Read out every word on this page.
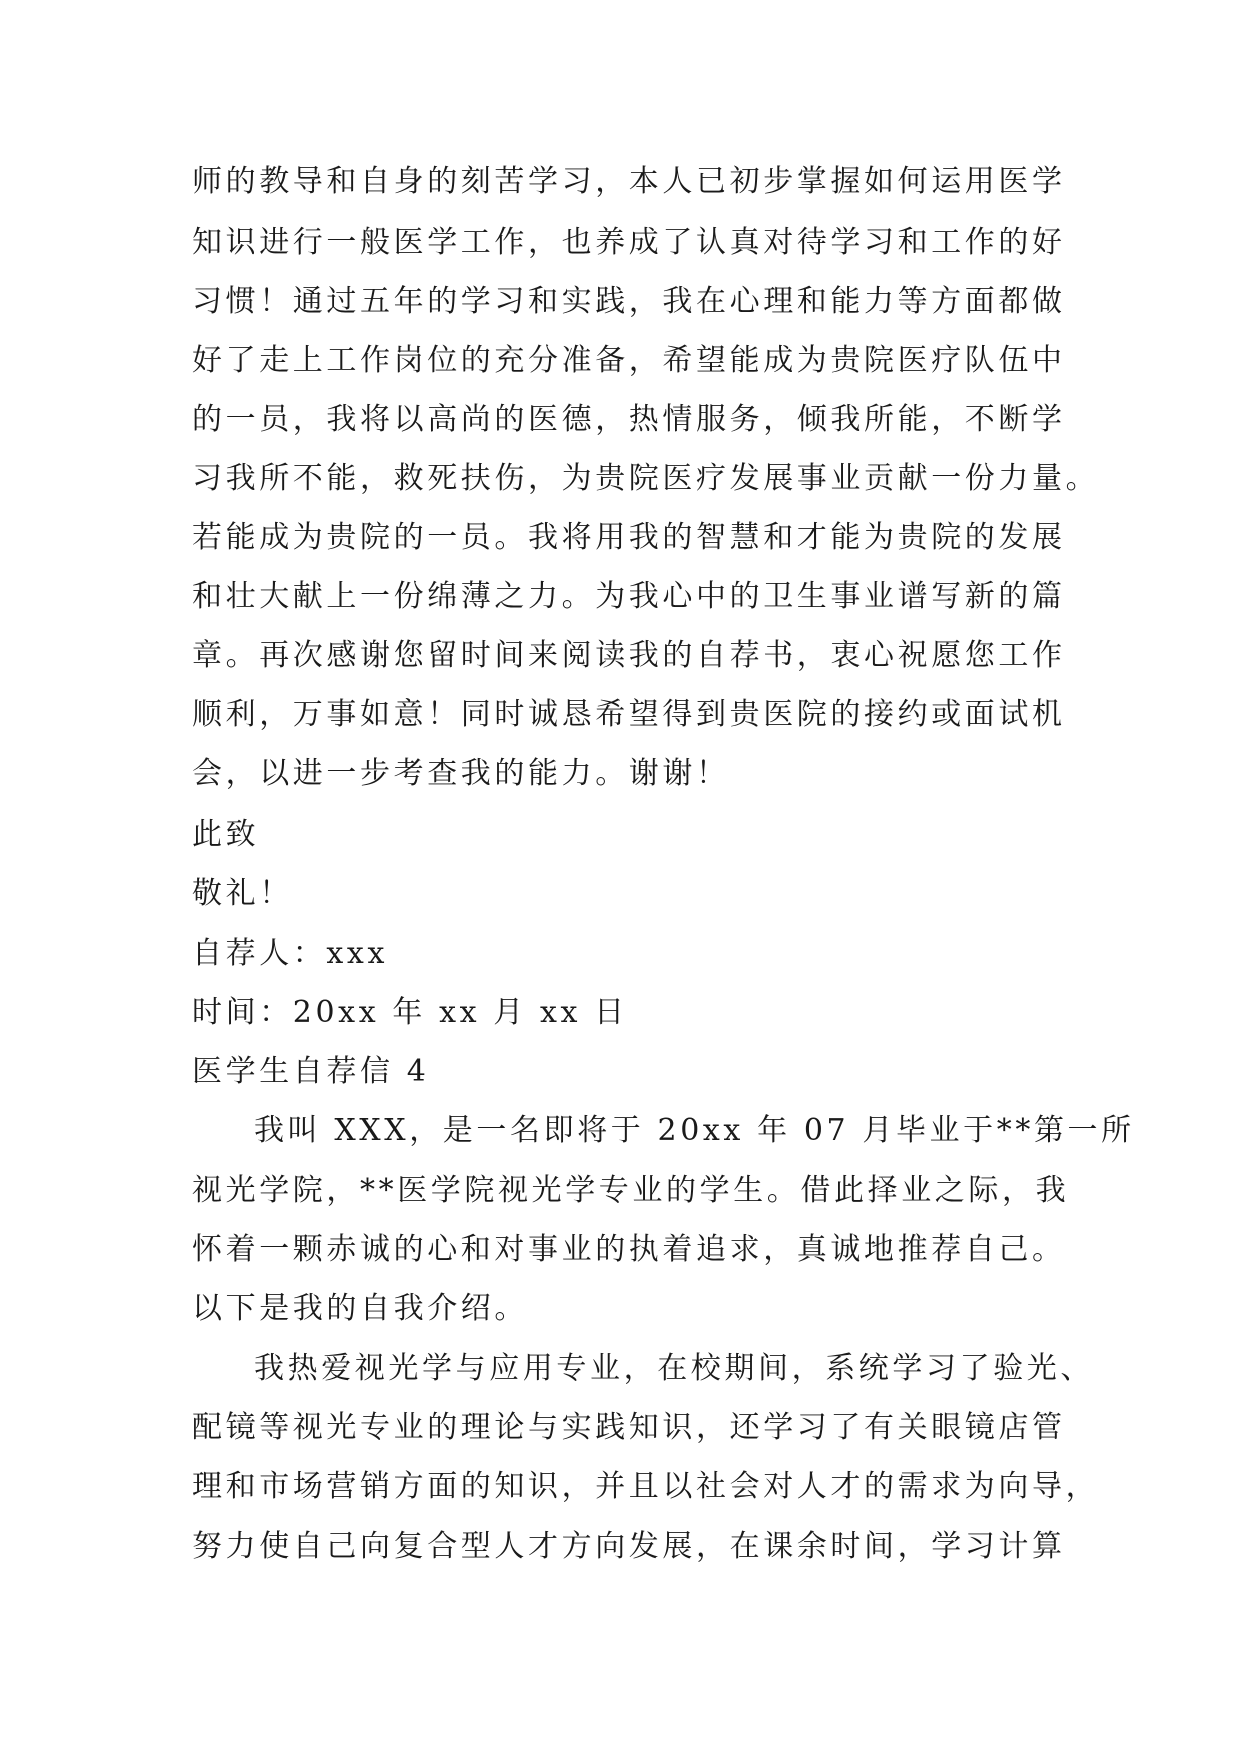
师的教导和自身的刻苦学习，本人已初步掌握如何运用医学
知识进行一般医学工作，也养成了认真对待学习和工作的好
习惯！通过五年的学习和实践，我在心理和能力等方面都做
好了走上工作岗位的充分准备，希望能成为贵院医疗队伍中
的一员，我将以高尚的医德，热情服务，倾我所能，不断学
习我所不能，救死扶伤，为贵院医疗发展事业贡献一份力量。
若能成为贵院的一员。我将用我的智慧和才能为贵院的发展
和壮大献上一份绵薄之力。为我心中的卫生事业谱写新的篇
章。再次感谢您留时间来阅读我的自荐书，衷心祝愿您工作
顺利，万事如意！同时诚恳希望得到贵医院的接约或面试机
会，以进一步考查我的能力。谢谢！
此致
敬礼！
自荐人：xxx
时间：20xx 年 xx 月 xx 日
医学生自荐信 4
我叫 XXX，是一名即将于 20xx 年 07 月毕业于**第一所
视光学院，**医学院视光学专业的学生。借此择业之际，我
怀着一颗赤诚的心和对事业的执着追求，真诚地推荐自己。
以下是我的自我介绍。
我热爱视光学与应用专业，在校期间，系统学习了验光、
配镜等视光专业的理论与实践知识，还学习了有关眼镜店管
理和市场营销方面的知识，并且以社会对人才的需求为向导，
努力使自己向复合型人才方向发展，在课余时间，学习计算
